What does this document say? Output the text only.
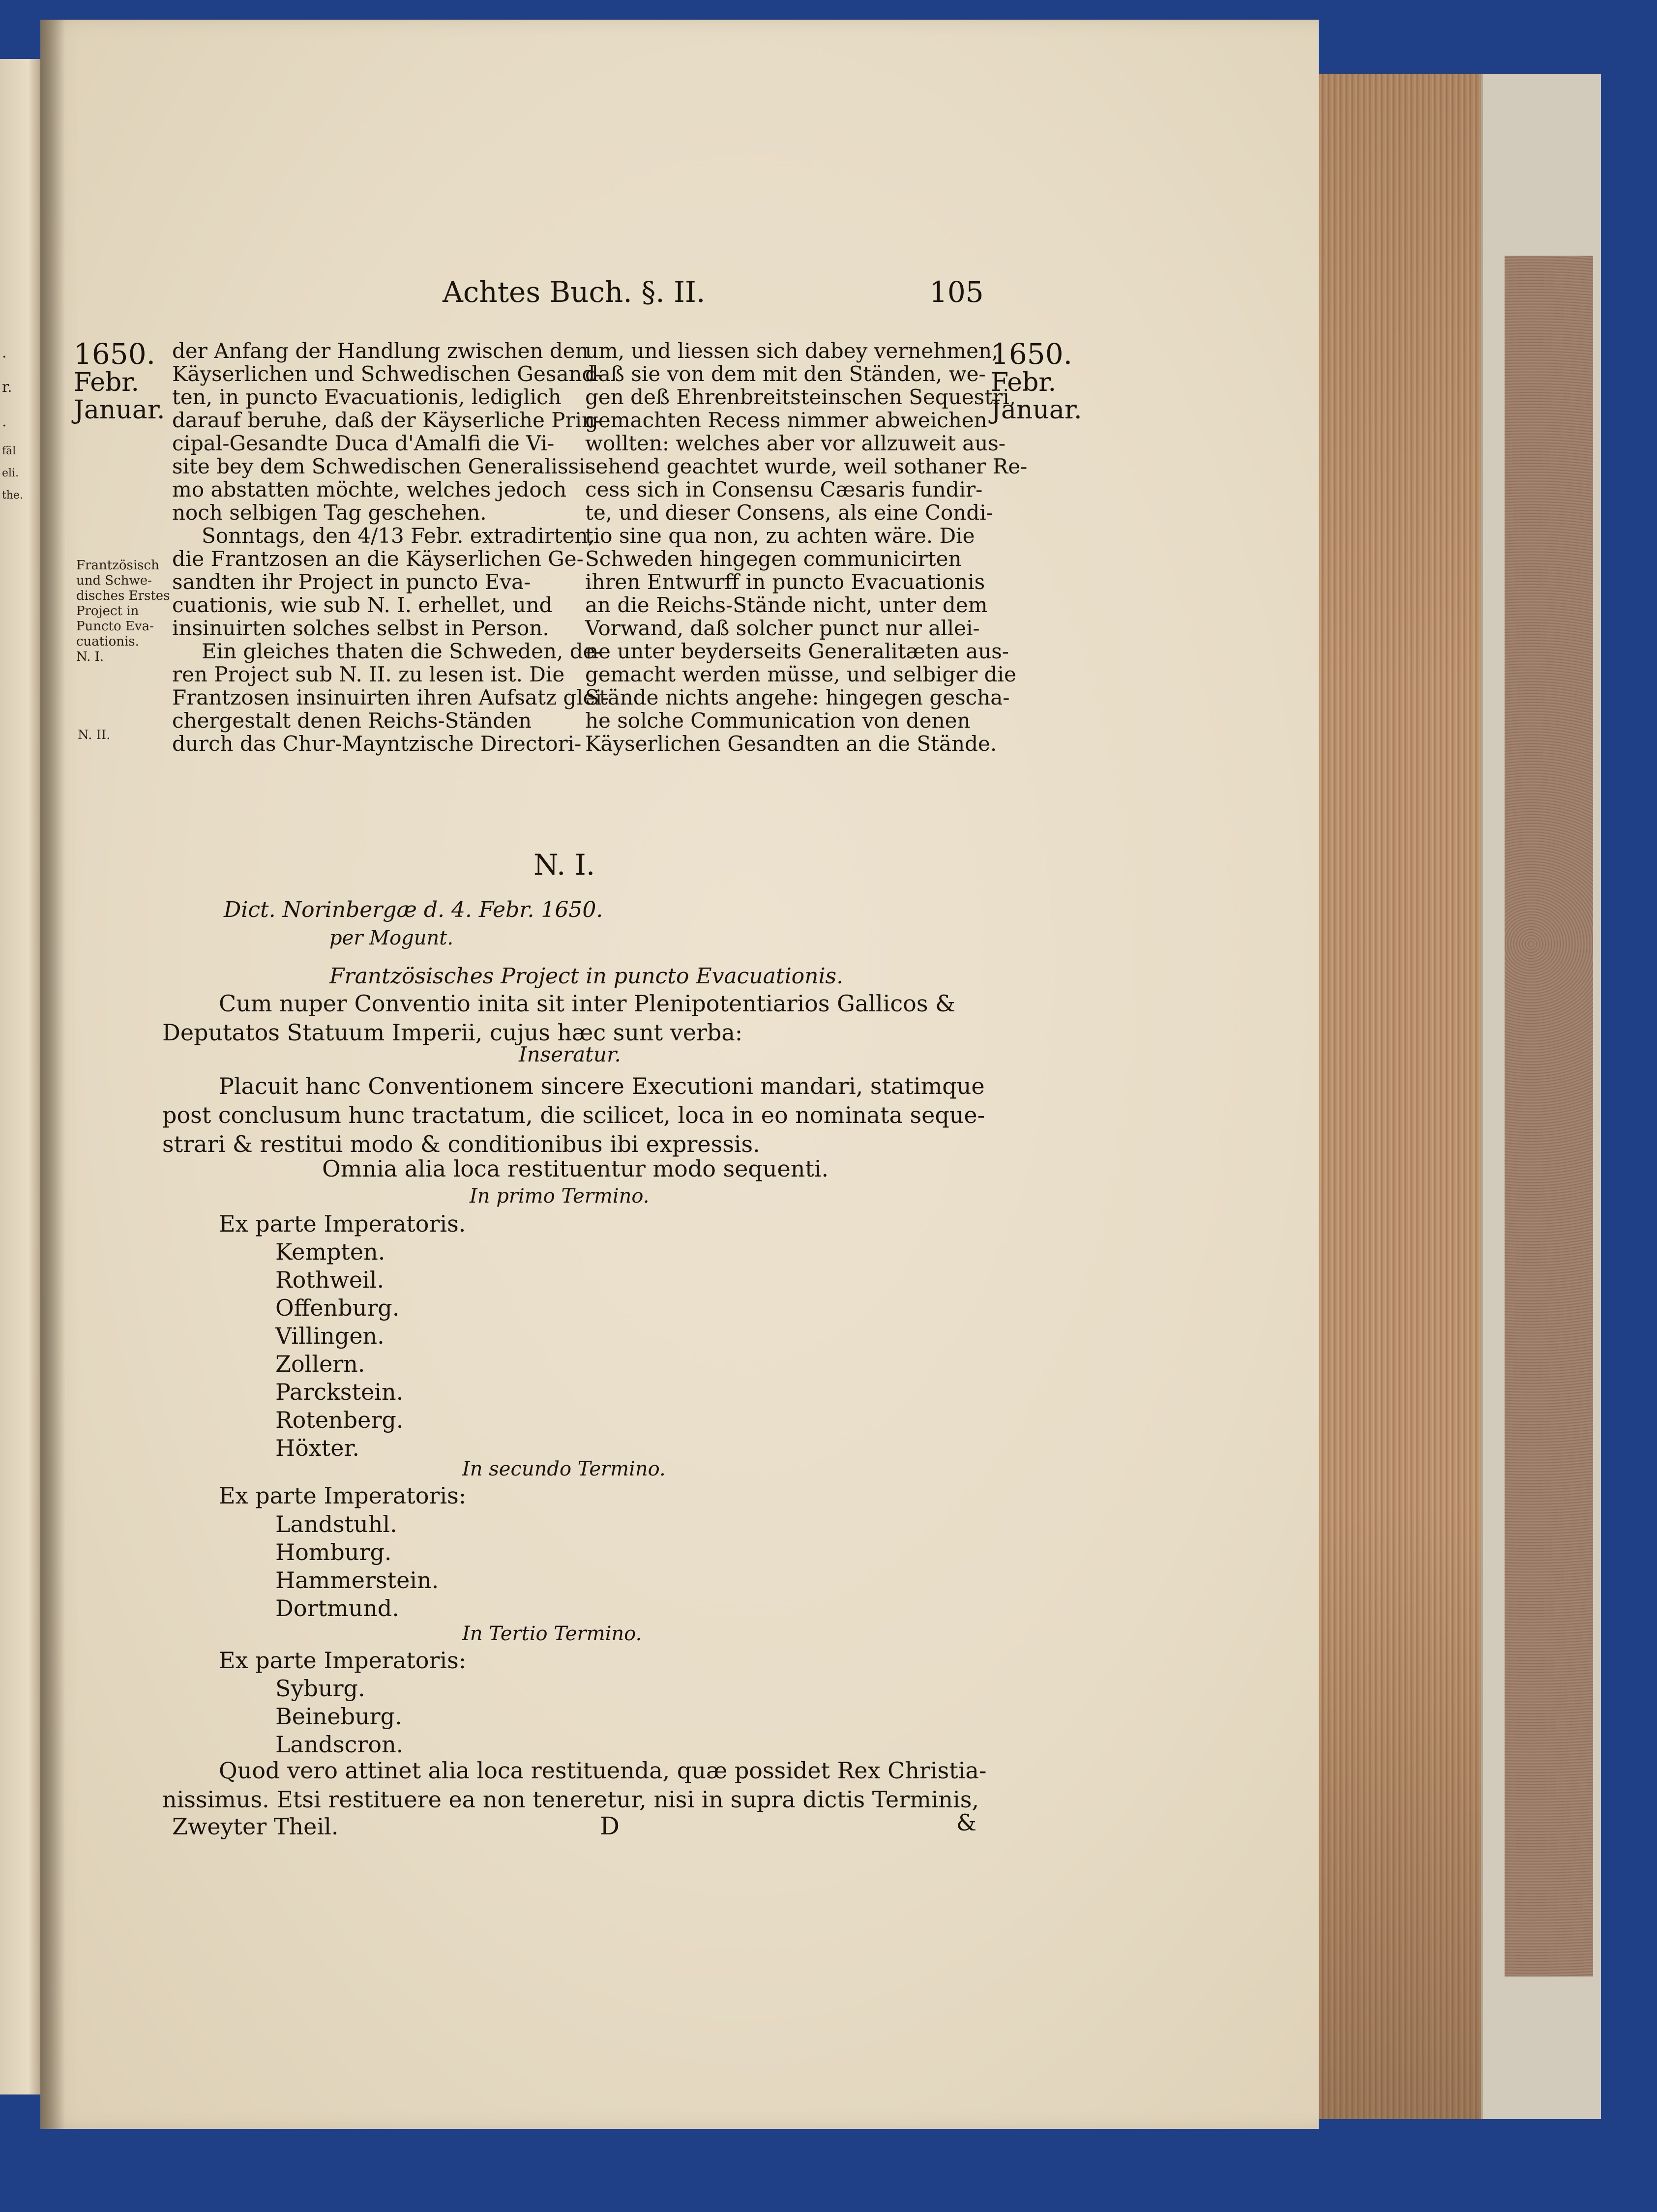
.
r.
.
fäl
eli.
the.
Achtes Buch. §. II.	105
1650.
Febr.
Januar.
Frantzösisch
und Schwe-
disches Erstes
Project in
Puncto Eva-
cuationis.
N. I.
N. II.
1650.
Febr.
Januar.
der Anfang der Handlung zwischen den
Käyserlichen und Schwedischen Gesand-
ten, in puncto Evacuationis, lediglich
darauf beruhe, daß der Käyserliche Prin-
cipal-Gesandte Duca d'Amalfi die Vi-
site bey dem Schwedischen Generalissi-
mo abstatten möchte, welches jedoch
noch selbigen Tag geschehen.
Sonntags, den 4/13 Febr. extradirten,
die Frantzosen an die Käyserlichen Ge-
sandten ihr Project in puncto Eva-
cuationis, wie sub N. I. erhellet, und
insinuirten solches selbst in Person.
Ein gleiches thaten die Schweden, de-
ren Project sub N. II. zu lesen ist. Die
Frantzosen insinuirten ihren Aufsatz glei-
chergestalt denen Reichs-Ständen
durch das Chur-Mayntzische Directori-
um, und liessen sich dabey vernehmen,
daß sie von dem mit den Ständen, we-
gen deß Ehrenbreitsteinschen Sequestri,
gemachten Recess nimmer abweichen
wollten: welches aber vor allzuweit aus-
sehend geachtet wurde, weil sothaner Re-
cess sich in Consensu Cæsaris fundir-
te, und dieser Consens, als eine Condi-
tio sine qua non, zu achten wäre. Die
Schweden hingegen communicirten
ihren Entwurff in puncto Evacuationis
an die Reichs-Stände nicht, unter dem
Vorwand, daß solcher punct nur allei-
ne unter beyderseits Generalitæten aus-
gemacht werden müsse, und selbiger die
Stände nichts angehe: hingegen gescha-
he solche Communication von denen
Käyserlichen Gesandten an die Stände.
N. I.
Dict. Norinbergæ d. 4. Febr. 1650.
per Mogunt.
Frantzösisches Project in puncto Evacuationis.
Cum nuper Conventio inita sit inter Plenipotentiarios Gallicos &
Deputatos Statuum Imperii, cujus hæc sunt verba:
Inseratur.
Placuit hanc Conventionem sincere Executioni mandari, statimque
post conclusum hunc tractatum, die scilicet, loca in eo nominata seque-
strari & restitui modo & conditionibus ibi expressis.
Omnia alia loca restituentur modo sequenti.
In primo Termino.
Ex parte Imperatoris.
Kempten.
Rothweil.
Offenburg.
Villingen.
Zollern.
Parckstein.
Rotenberg.
Höxter.
In secundo Termino.
Ex parte Imperatoris:
Landstuhl.
Homburg.
Hammerstein.
Dortmund.
In Tertio Termino.
Ex parte Imperatoris:
Syburg.
Beineburg.
Landscron.
Quod vero attinet alia loca restituenda, quæ possidet Rex Christia-
nissimus. Etsi restituere ea non teneretur, nisi in supra dictis Terminis,
Zweyter Theil.	D	&
